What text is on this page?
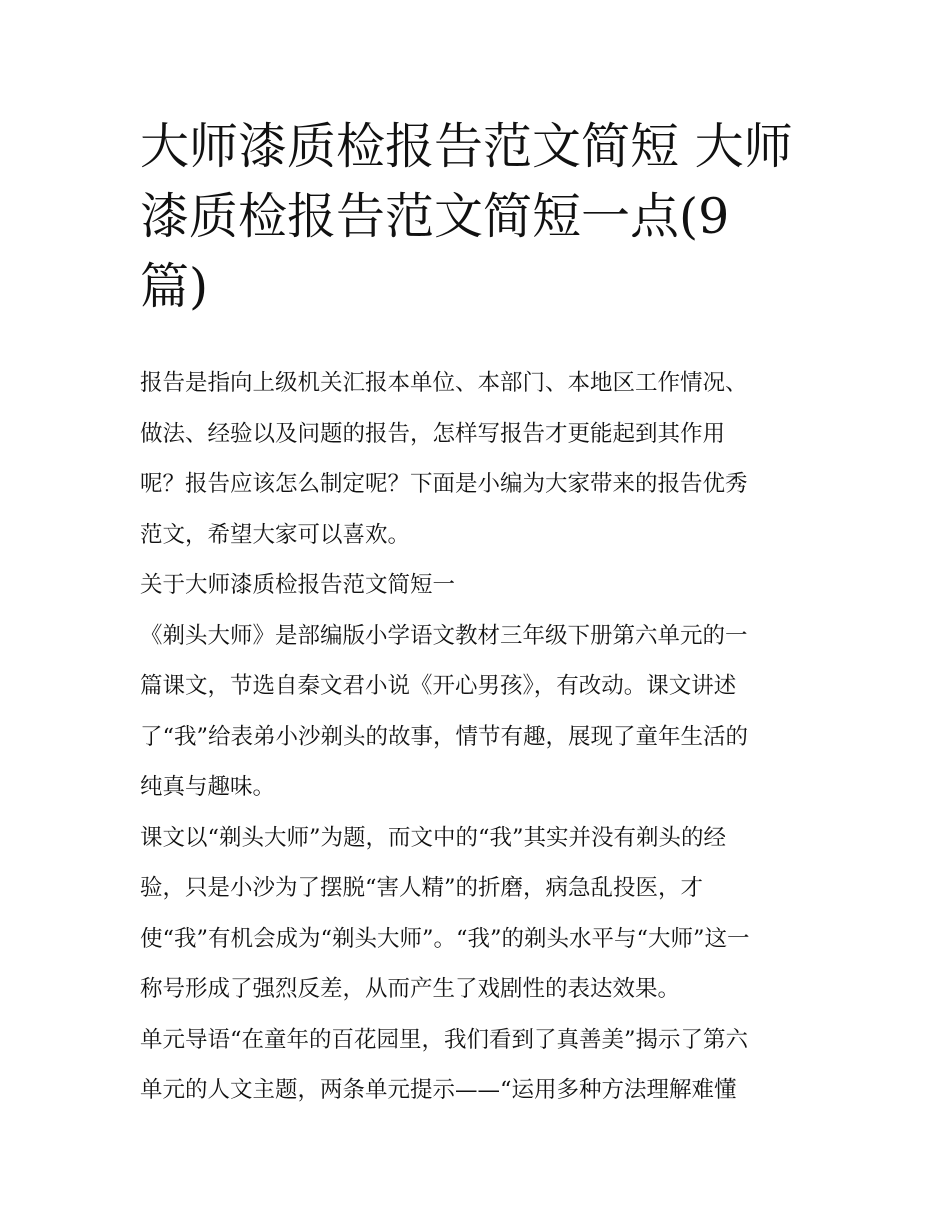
大师漆质检报告范文简短 大师
漆质检报告范文简短一点(9
篇)
报告是指向上级机关汇报本单位、本部门、本地区工作情况、
做法、经验以及问题的报告，怎样写报告才更能起到其作用
呢？报告应该怎么制定呢？下面是小编为大家带来的报告优秀
范文，希望大家可以喜欢。
关于大师漆质检报告范文简短一
《剃头大师》是部编版小学语文教材三年级下册第六单元的一
篇课文，节选自秦文君小说《开心男孩》，有改动。课文讲述
了“我”给表弟小沙剃头的故事，情节有趣，展现了童年生活的
纯真与趣味。
课文以“剃头大师”为题，而文中的“我”其实并没有剃头的经
验，只是小沙为了摆脱“害人精”的折磨，病急乱投医，才
使“我”有机会成为“剃头大师”。“我”的剃头水平与“大师”这一
称号形成了强烈反差，从而产生了戏剧性的表达效果。
单元导语“在童年的百花园里，我们看到了真善美”揭示了第六
单元的人文主题，两条单元提示——“运用多种方法理解难懂
